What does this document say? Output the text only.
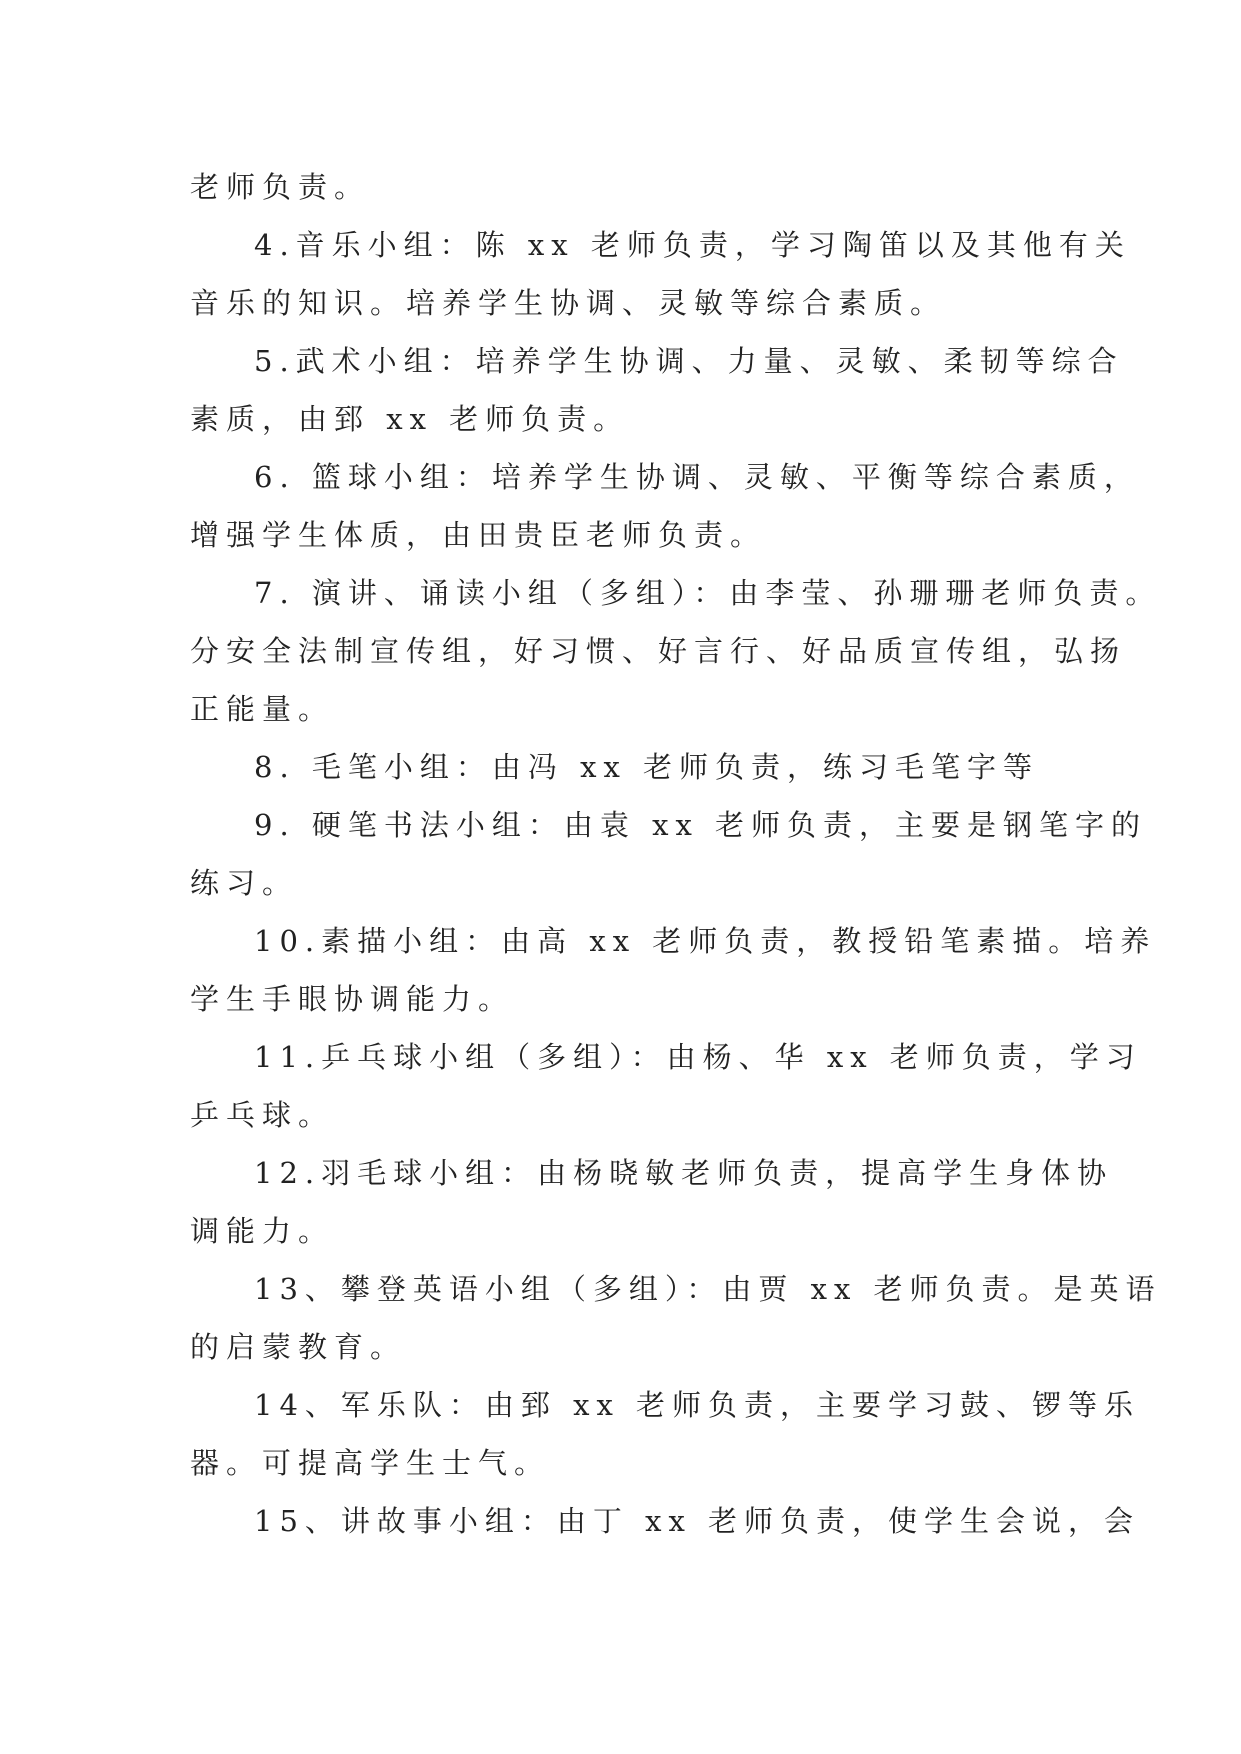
老师负责。
4.音乐小组：陈 xx 老师负责，学习陶笛以及其他有关
音乐的知识。培养学生协调、灵敏等综合素质。
5.武术小组：培养学生协调、力量、灵敏、柔韧等综合
素质，由郅 xx 老师负责。
6. 篮球小组：培养学生协调、灵敏、平衡等综合素质，
增强学生体质，由田贵臣老师负责。
7. 演讲、诵读小组（多组）：由李莹、孙珊珊老师负责。
分安全法制宣传组，好习惯、好言行、好品质宣传组，弘扬
正能量。
8. 毛笔小组：由冯 xx 老师负责，练习毛笔字等
9. 硬笔书法小组：由袁 xx 老师负责，主要是钢笔字的
练习。
10.素描小组：由高 xx 老师负责，教授铅笔素描。培养
学生手眼协调能力。
11.乒乓球小组（多组）：由杨、华 xx 老师负责，学习
乒乓球。
12.羽毛球小组：由杨晓敏老师负责，提高学生身体协
调能力。
13、攀登英语小组（多组）：由贾 xx 老师负责。是英语
的启蒙教育。
14、军乐队：由郅 xx 老师负责，主要学习鼓、锣等乐
器。可提高学生士气。
15、讲故事小组：由丁 xx 老师负责，使学生会说，会
